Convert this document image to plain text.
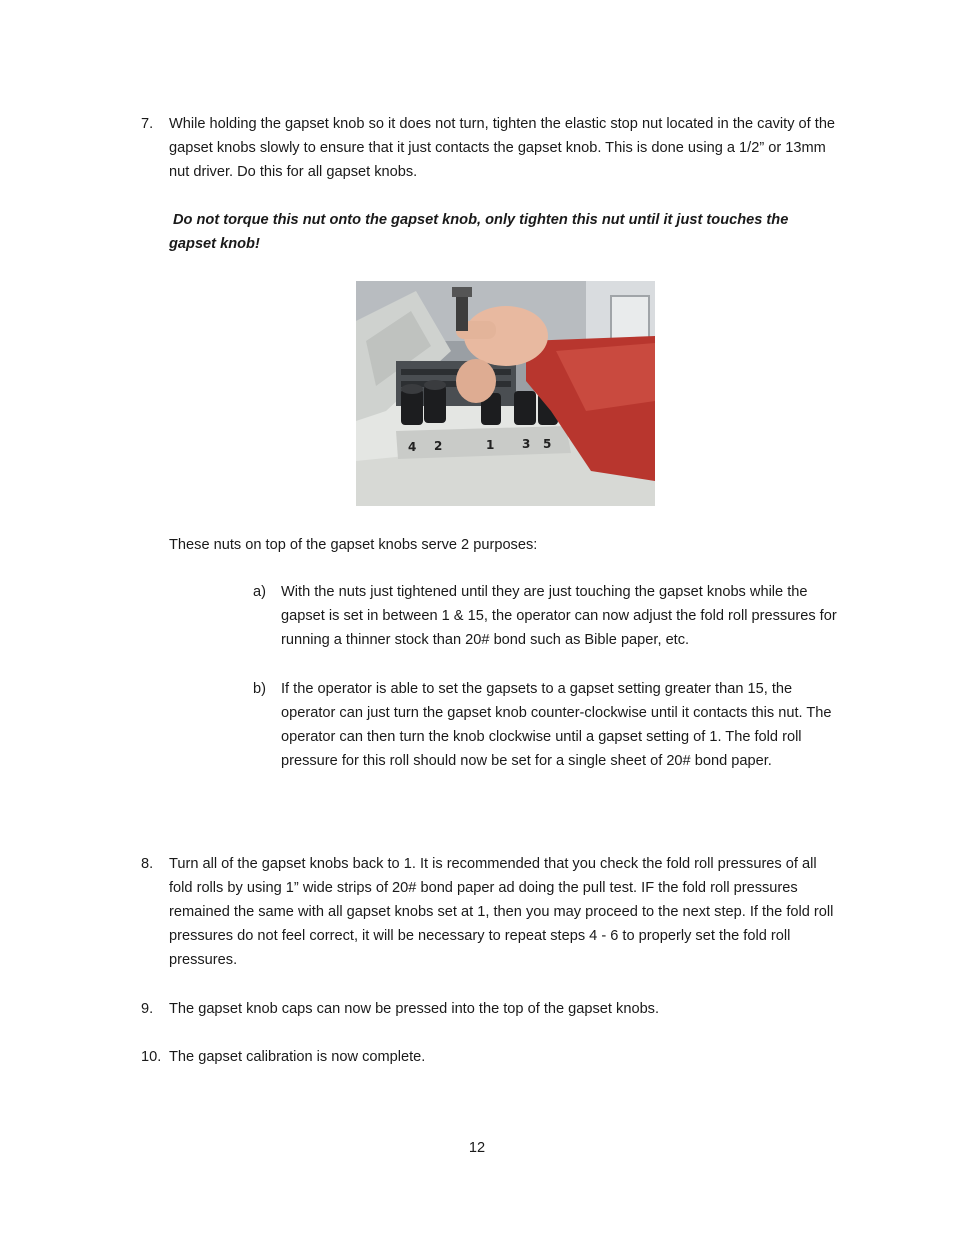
7. While holding the gapset knob so it does not turn, tighten the elastic stop nut located in the cavity of the gapset knobs slowly to ensure that it just contacts the gapset knob. This is done using a 1/2” or 13mm nut driver. Do this for all gapset knobs.
Do not torque this nut onto the gapset knob, only tighten this nut until it just touches the gapset knob!
4 2	1 3 5
These nuts on top of the gapset knobs serve 2 purposes:
a) With the nuts just tightened until they are just touching the gapset knobs while the gapset is set in between 1 & 15, the operator can now adjust the fold roll pressures for running a thinner stock than 20# bond such as Bible paper, etc.
b) If the operator is able to set the gapsets to a gapset setting greater than 15, the operator can just turn the gapset knob counter-clockwise until it contacts this nut. The operator can then turn the knob clockwise until a gapset setting of 1. The fold roll pressure for this roll should now be set for a single sheet of 20# bond paper.
8. Turn all of the gapset knobs back to 1. It is recommended that you check the fold roll pressures of all fold rolls by using 1” wide strips of 20# bond paper ad doing the pull test. IF the fold roll pressures remained the same with all gapset knobs set at 1, then you may proceed to the next step. If the fold roll pressures do not feel correct, it will be necessary to repeat steps 4 - 6 to properly set the fold roll pressures.
9. The gapset knob caps can now be pressed into the top of the gapset knobs.
10. The gapset calibration is now complete.
12
